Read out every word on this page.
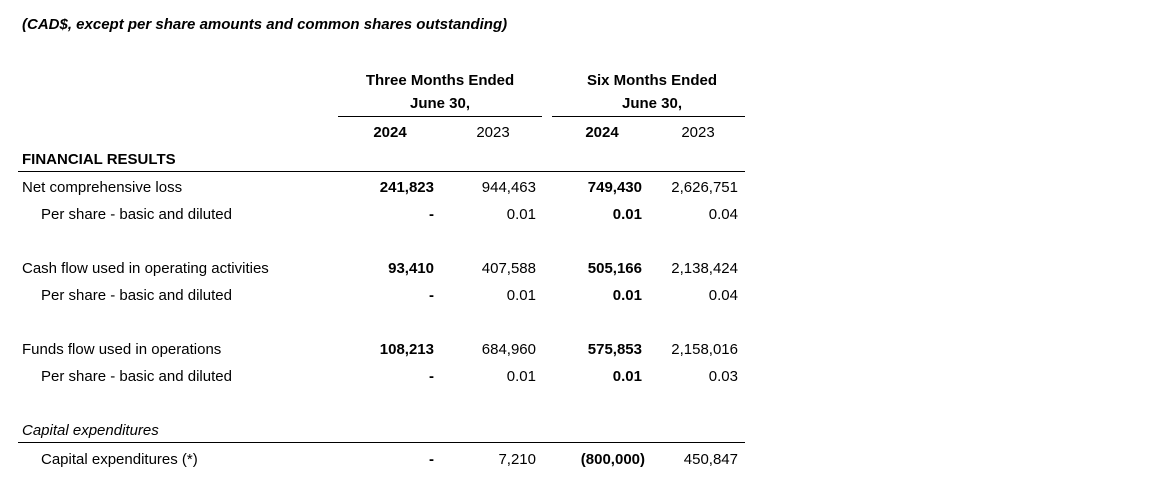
(CAD$, except per share amounts and common shares outstanding)
Three Months Ended
June 30,
Six Months Ended
June 30,
2024	2023	2024	2023
FINANCIAL RESULTS
Net comprehensive loss	241,823	944,463	749,430 2,626,751
Per share - basic and diluted	-	0.01	0.01	0.04
Cash flow used in operating activities	93,410	407,588	505,166 2,138,424
Per share - basic and diluted	-	0.01	0.01	0.04
Funds flow used in operations	108,213	684,960	575,853 2,158,016
Per share - basic and diluted	-	0.01	0.01	0.03
Capital expenditures
Capital expenditures (*)	-	7,210	(800,000)	450,847
